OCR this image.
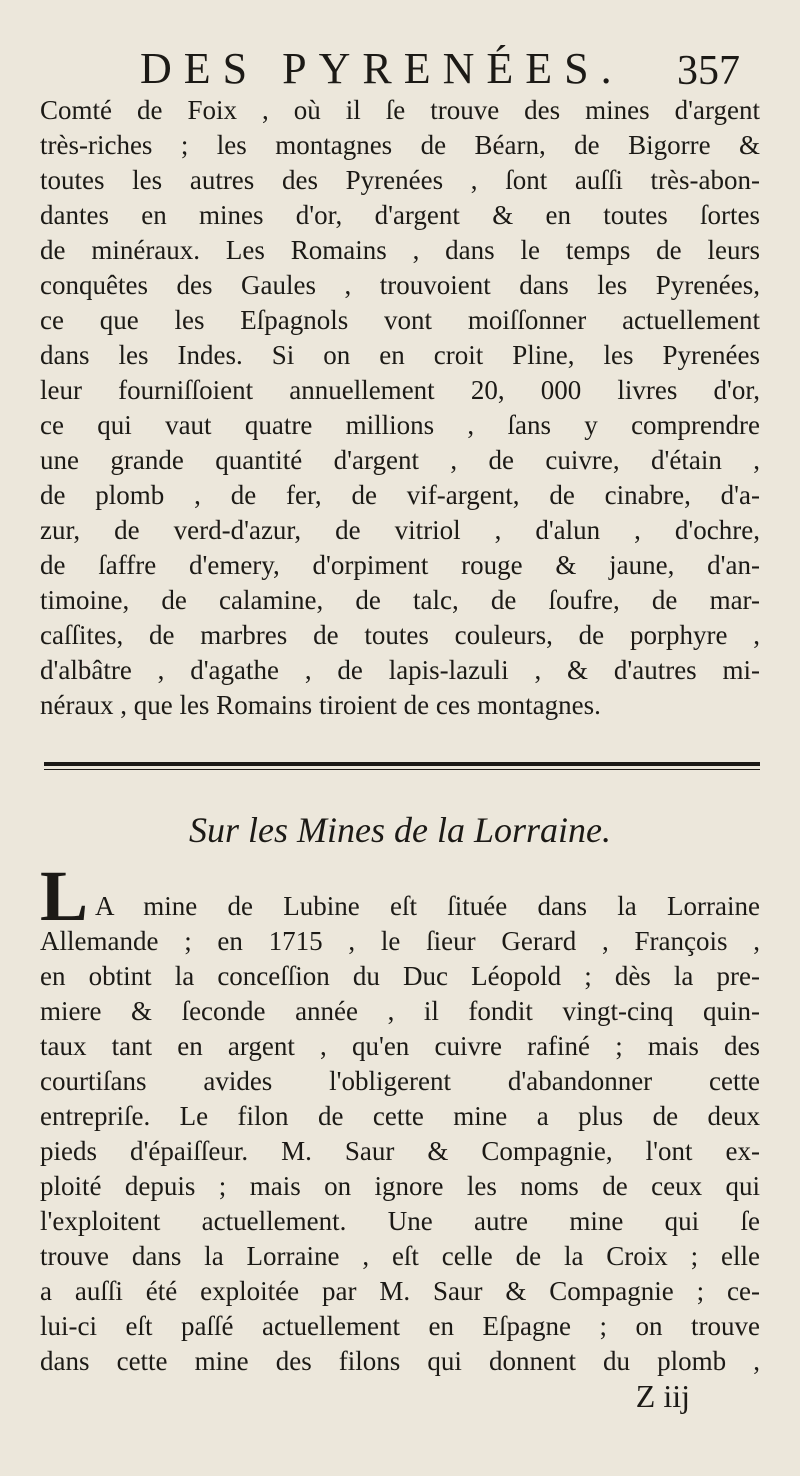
DES PYRENÉES. 357
Comté de Foix , où il ſe trouve des mines d'argent
très-riches ; les montagnes de Béarn, de Bigorre &
toutes les autres des Pyrenées , ſont auſſi très-abon-
dantes en mines d'or, d'argent & en toutes ſortes
de minéraux. Les Romains , dans le temps de leurs
conquêtes des Gaules , trouvoient dans les Pyrenées,
ce que les Eſpagnols vont moiſſonner actuellement
dans les Indes. Si on en croit Pline, les Pyrenées
leur fourniſſoient annuellement 20, 000 livres d'or,
ce qui vaut quatre millions , ſans y comprendre
une grande quantité d'argent , de cuivre, d'étain ,
de plomb , de fer, de vif-argent, de cinabre, d'a-
zur, de verd-d'azur, de vitriol , d'alun , d'ochre,
de ſaffre d'emery, d'orpiment rouge & jaune, d'an-
timoine, de calamine, de talc, de ſoufre, de mar-
caſſites, de marbres de toutes couleurs, de porphyre ,
d'albâtre , d'agathe , de lapis-lazuli , & d'autres mi-
néraux , que les Romains tiroient de ces montagnes.
Sur les Mines de la Lorraine.
L A mine de Lubine eſt ſituée dans la Lorraine
Allemande ; en 1715 , le ſieur Gerard , François ,
en obtint la conceſſion du Duc Léopold ; dès la pre-
miere & ſeconde année , il fondit vingt-cinq quin-
taux tant en argent , qu'en cuivre rafiné ; mais des
courtiſans avides l'obligerent d'abandonner cette
entrepriſe. Le filon de cette mine a plus de deux
pieds d'épaiſſeur. M. Saur & Compagnie, l'ont ex-
ploité depuis ; mais on ignore les noms de ceux qui
l'exploitent actuellement. Une autre mine qui ſe
trouve dans la Lorraine , eſt celle de la Croix ; elle
a auſſi été exploitée par M. Saur & Compagnie ; ce-
lui-ci eſt paſſé actuellement en Eſpagne ; on trouve
dans cette mine des filons qui donnent du plomb ,
Z iij
